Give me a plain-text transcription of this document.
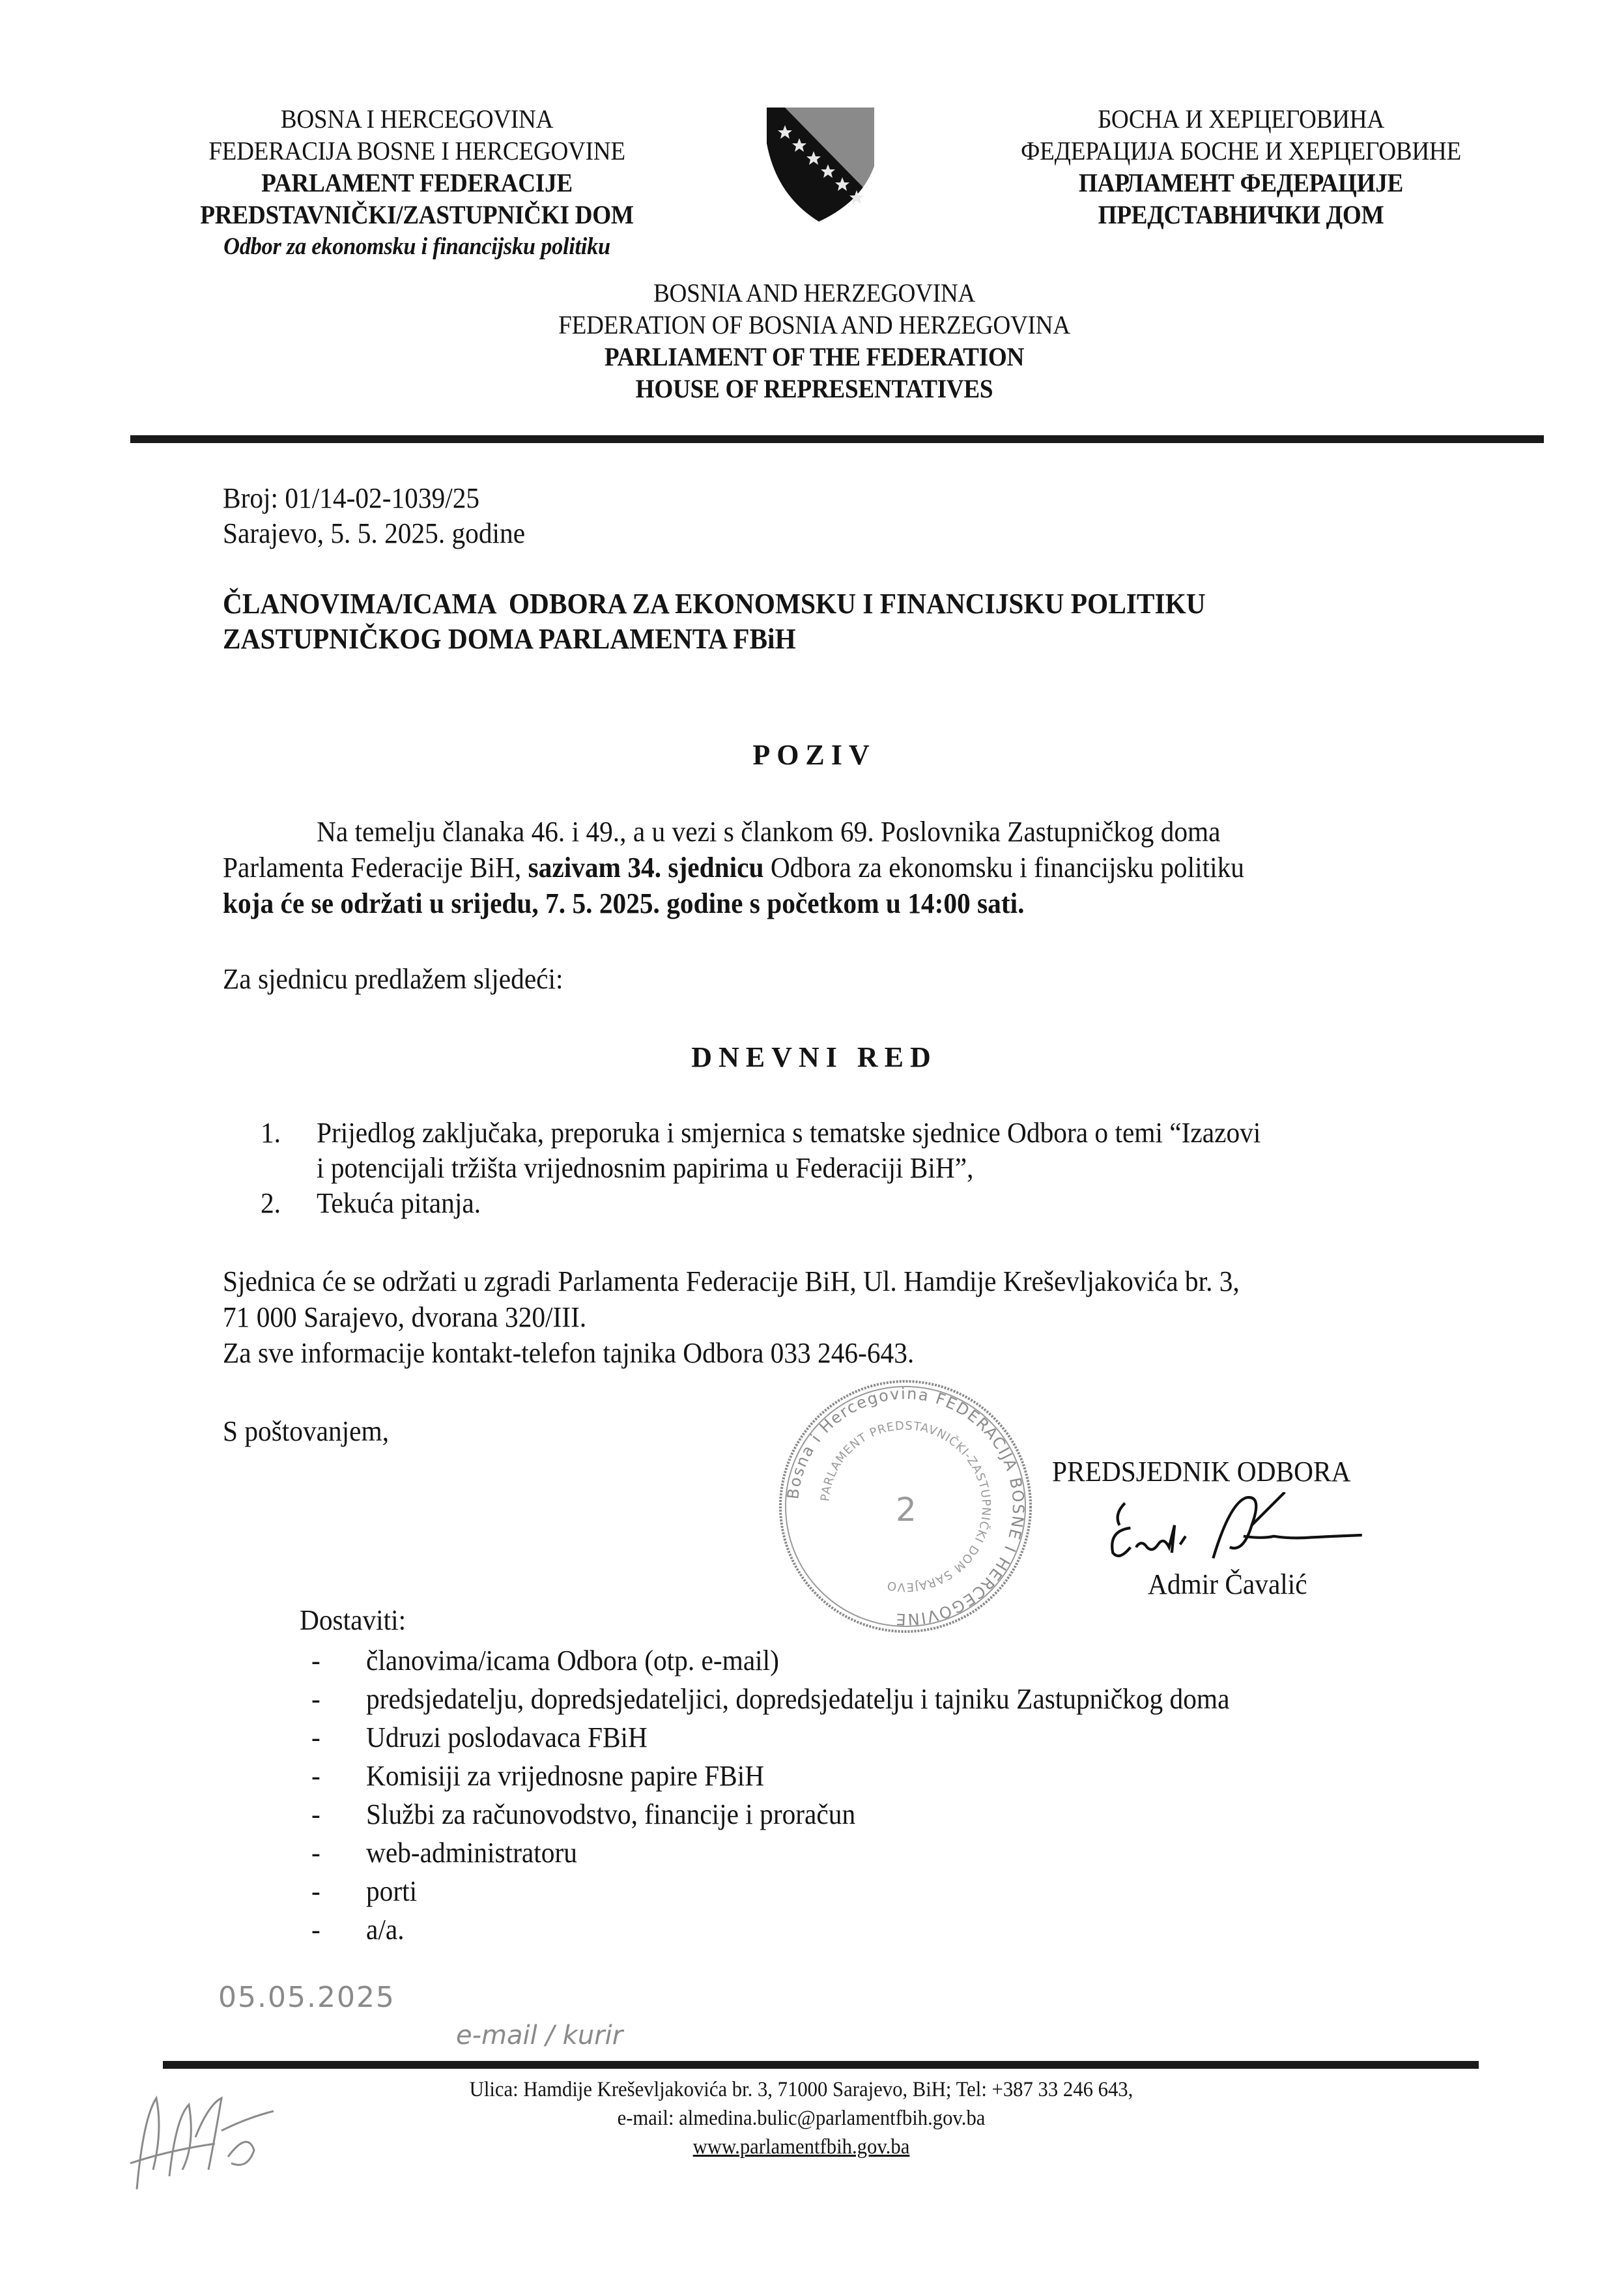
BOSNA I HERCEGOVINA
FEDERACIJA BOSNE I HERCEGOVINE
PARLAMENT FEDERACIJE
PREDSTAVNIČKI/ZASTUPNIČKI DOM
Odbor za ekonomsku i financijsku politiku
БОСНА И ХЕРЦЕГОВИНА
ФЕДЕРАЦИЈА БОСНЕ И ХЕРЦЕГОВИНЕ
ПАРЛАМЕНТ ФЕДЕРАЦИЈЕ
ПРЕДСТАВНИЧКИ ДОМ
BOSNIA AND HERZEGOVINA
FEDERATION OF BOSNIA AND HERZEGOVINA
PARLIAMENT OF THE FEDERATION
HOUSE OF REPRESENTATIVES
Broj: 01/14-02-1039/25
Sarajevo, 5. 5. 2025. godine
ČLANOVIMA/ICAMA  ODBORA ZA EKONOMSKU I FINANCIJSKU POLITIKU
ZASTUPNIČKOG DOMA PARLAMENTA FBiH
POZIV
Na temelju članaka 46. i 49., a u vezi s člankom 69. Poslovnika Zastupničkog doma
Parlamenta Federacije BiH, sazivam 34. sjednicu Odbora za ekonomsku i financijsku politiku
koja će se održati u srijedu, 7. 5. 2025. godine s početkom u 14:00 sati.
Za sjednicu predlažem sljedeći:
DNEVNI RED
1. Prijedlog zaključaka, preporuka i smjernica s tematske sjednice Odbora o temi “Izazovi
i potencijali tržišta vrijednosnim papirima u Federaciji BiH”,
2. Tekuća pitanja.
Sjednica će se održati u zgradi Parlamenta Federacije BiH, Ul. Hamdije Kreševljakovića br. 3,
71 000 Sarajevo, dvorana 320/III.
Za sve informacije kontakt-telefon tajnika Odbora 033 246-643.
S poštovanjem,
Bosna i Hercegovina FEDERACIJA BOSNE I HERCEGOVINE
PARLAMENT PREDSTAVNIČKI-ZASTUPNIČKI DOM SARAJEVO
2
PREDSJEDNIK ODBORA
Admir Čavalić
Dostaviti:
- članovima/icama Odbora (otp. e-mail)
- predsjedatelju, dopredsjedateljici, dopredsjedatelju i tajniku Zastupničkog doma
- Udruzi poslodavaca FBiH
- Komisiji za vrijednosne papire FBiH
- Službi za računovodstvo, financije i proračun
- web-administratoru
- porti
- a/a.
05.05.2025
e-mail / kurir
Ulica: Hamdije Kreševljakovića br. 3, 71000 Sarajevo, BiH; Tel: +387 33 246 643,
e-mail: almedina.bulic@parlamentfbih.gov.ba
www.parlamentfbih.gov.ba
